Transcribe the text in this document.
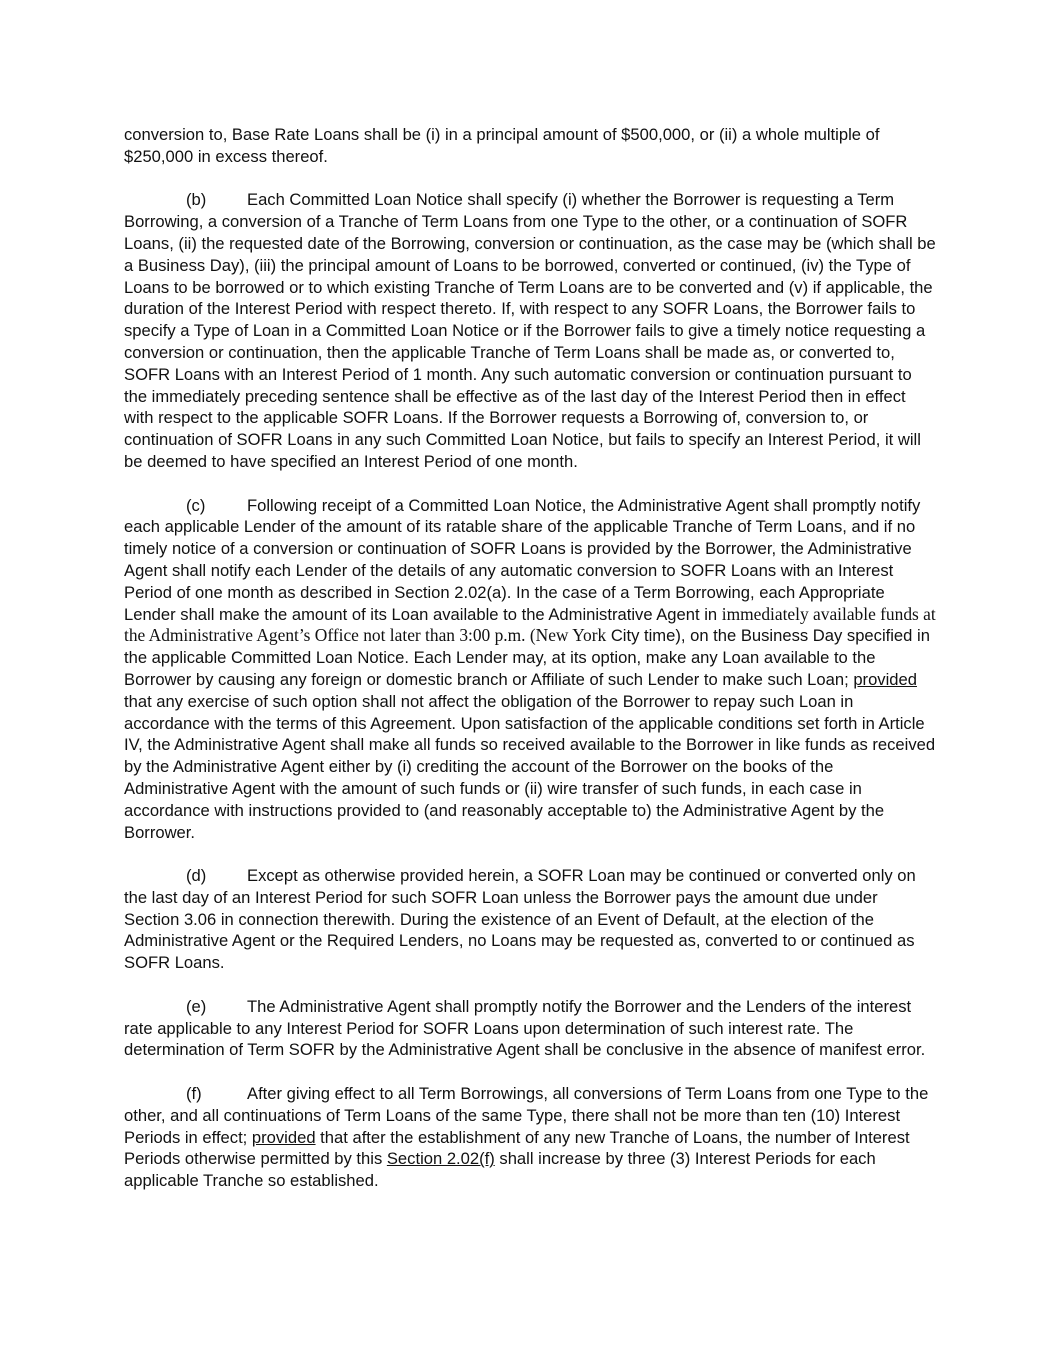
conversion to, Base Rate Loans shall be (i) in a principal amount of $500,000, or (ii) a whole multiple of $250,000 in excess thereof.

(b) Each Committed Loan Notice shall specify (i) whether the Borrower is requesting a Term Borrowing, a conversion of a Tranche of Term Loans from one Type to the other, or a continuation of SOFR Loans, (ii) the requested date of the Borrowing, conversion or continuation, as the case may be (which shall be a Business Day), (iii) the principal amount of Loans to be borrowed, converted or continued, (iv) the Type of Loans to be borrowed or to which existing Tranche of Term Loans are to be converted and (v) if applicable, the duration of the Interest Period with respect thereto. If, with respect to any SOFR Loans, the Borrower fails to specify a Type of Loan in a Committed Loan Notice or if the Borrower fails to give a timely notice requesting a conversion or continuation, then the applicable Tranche of Term Loans shall be made as, or converted to, SOFR Loans with an Interest Period of 1 month. Any such automatic conversion or continuation pursuant to the immediately preceding sentence shall be effective as of the last day of the Interest Period then in effect with respect to the applicable SOFR Loans. If the Borrower requests a Borrowing of, conversion to, or continuation of SOFR Loans in any such Committed Loan Notice, but fails to specify an Interest Period, it will be deemed to have specified an Interest Period of one month.

(c)	Following receipt of a Committed Loan Notice, the Administrative Agent shall promptly notify each applicable Lender of the amount of its ratable share of the applicable Tranche of Term Loans, and if no timely notice of a conversion or continuation of SOFR Loans is provided by the Borrower, the Administrative Agent shall notify each Lender of the details of any automatic conversion to SOFR Loans with an Interest Period of one month as described in Section 2.02(a). In the case of a Term Borrowing, each Appropriate Lender shall make the amount of its Loan available to the Administrative Agent in immediately available funds at the Administrative Agent’s Office not later than 3:00 p.m. (New York City time), on the Business Day specified in the applicable Committed Loan Notice. Each Lender may, at its option, make any Loan available to the Borrower by causing any foreign or domestic branch or Affiliate of such Lender to make such Loan; provided that any exercise of such option shall not affect the obligation of the Borrower to repay such Loan in accordance with the terms of this Agreement. Upon satisfaction of the applicable conditions set forth in Article IV, the Administrative Agent shall make all funds so received available to the Borrower in like funds as received by the Administrative Agent either by (i) crediting the account of the Borrower on the books of the Administrative Agent with the amount of such funds or (ii) wire transfer of such funds, in each case in accordance with instructions provided to (and reasonably acceptable to) the Administrative Agent by the Borrower.

(d) Except as otherwise provided herein, a SOFR Loan may be continued or converted only on the last day of an Interest Period for such SOFR Loan unless the Borrower pays the amount due under Section 3.06 in connection therewith. During the existence of an Event of Default, at the election of the Administrative Agent or the Required Lenders, no Loans may be requested as, converted to or continued as SOFR Loans.

(e) The Administrative Agent shall promptly notify the Borrower and the Lenders of the interest rate applicable to any Interest Period for SOFR Loans upon determination of such interest rate. The determination of Term SOFR by the Administrative Agent shall be conclusive in the absence of manifest error.

(f)	After giving effect to all Term Borrowings, all conversions of Term Loans from one Type to the other, and all continuations of Term Loans of the same Type, there shall not be more than ten (10) Interest Periods in effect; provided that after the establishment of any new Tranche of Loans, the number of Interest Periods otherwise permitted by this Section 2.02(f) shall increase by three (3) Interest Periods for each applicable Tranche so established.
